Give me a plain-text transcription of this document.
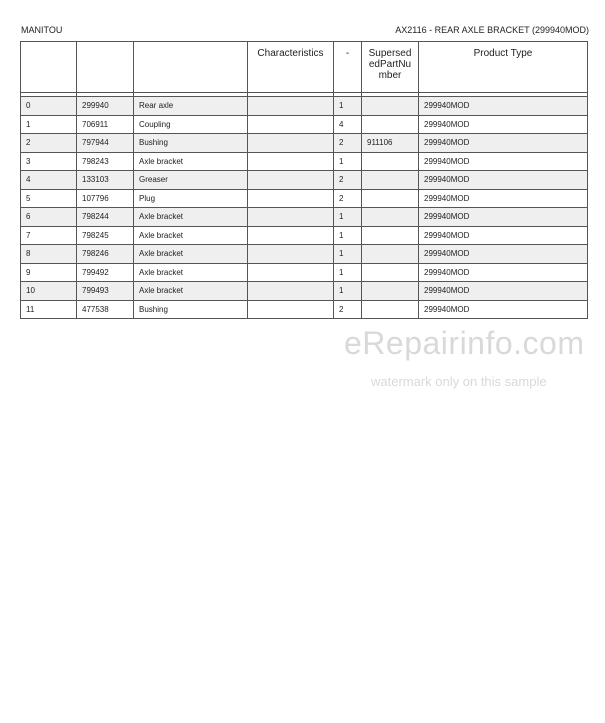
MANITOU	AX2116 - REAR AXLE BRACKET (299940MOD)
			Characteristics	-	Supersed
edPartNu
mber	Product Type

0	299940	Rear axle		1		299940MOD
1	706911	Coupling		4		299940MOD
2	797944	Bushing		2	911106	299940MOD
3	798243	Axle bracket		1		299940MOD
4	133103	Greaser		2		299940MOD
5	107796	Plug		2		299940MOD
6	798244	Axle bracket		1		299940MOD
7	798245	Axle bracket		1		299940MOD
8	798246	Axle bracket		1		299940MOD
9	799492	Axle bracket		1		299940MOD
10	799493	Axle bracket		1		299940MOD
11	477538	Bushing		2		299940MOD
eRepairinfo.com
watermark only on this sample
